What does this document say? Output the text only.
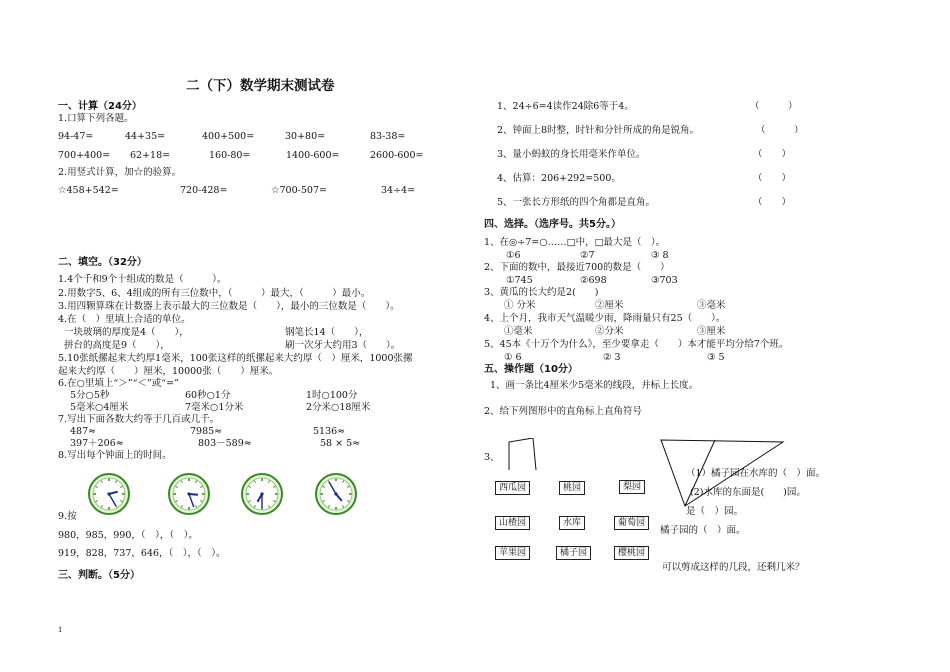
二（下）数学期末测试卷
一、计算（24分）
1.口算下列各题。
94-47=	44+35=	400+500=	30+80=	83-38=
700+400= 62+18=	160-80=	1400-600=	2600-600=
2.用竖式计算，加☆的验算。
☆458+542=	720-428=	☆700-507=	34÷4=
二、填空。（32分）
1.4个千和9个十组成的数是（　　　）。
2.用数字5、6、4组成的所有三位数中，（　　　）最大，（　　　）最小。
3.用四颗算珠在计数器上表示最大的三位数是（　　），最小的三位数是（　　）。
4.在（　）里填上合适的单位。
一块玻璃的厚度是4（　　），	钢笔长14（　　），
拼台的高度是9（　　），	刷一次牙大约用3（　　）。
5.10张纸摞起来大约厚1毫米，100张这样的纸摞起来大约厚（　）厘米，1000张摞
起来大约厚（　　）厘米，10000张（　　）厘米。
6.在○里填上“＞”“＜”或“=”
5分○5秒	60秒○1分	1时○100分
5毫米○4厘米	7毫米○1分米	2分米○18厘米
7.写出下面各数大约等于几百或几千。
487≈	7985≈	5136≈
397＋206≈	803－589≈	58 × 5≈
8.写出每个钟面上的时间。
9.按
980，985，990，（　），（　）。
919，828，737，646，（　），（　）。
三、判断。（5分）
1、24÷6=4读作24除6等于4。	（　　　）
2、钟面上8时整，时针和分针所成的角是锐角。	（　　　）
3、量小蚂蚁的身长用毫米作单位。	（　　）
4、估算：206+292=500。	（　　）
5、一张长方形纸的四个角都是直角。	（　　）
四、选择。（选序号。共5分。）
1、在◎÷7=○……□中，□最大是（　）。
①6	②7	③ 8
2、下面的数中，最接近700的数是（　　）
①745	②698	③703
3、黄瓜的长大约是2(　　)
① 分米	②厘米	③毫米
4、上个月，我市天气温暖少雨，降雨量只有25（　　）。
①毫米	②分米	③厘米
5、45本《十万个为什么》，至少要拿走（　　）本才能平均分给7个班。
① 6	② 3	③ 5
五、操作题（10分）
1、画一条比4厘米少5毫米的线段，并标上长度。
2、给下列图形中的直角标上直角符号
3、
西瓜园	桃园	梨园
山楂园	水库	葡萄园
苹果园	橘子园	樱桃园
（1）橘子园在水库的（　）面。
(2)水库的东面是(　　)园。
是（　）园。
橘子园的（　）面。
可以剪成这样的几段，还剩几米？
1
